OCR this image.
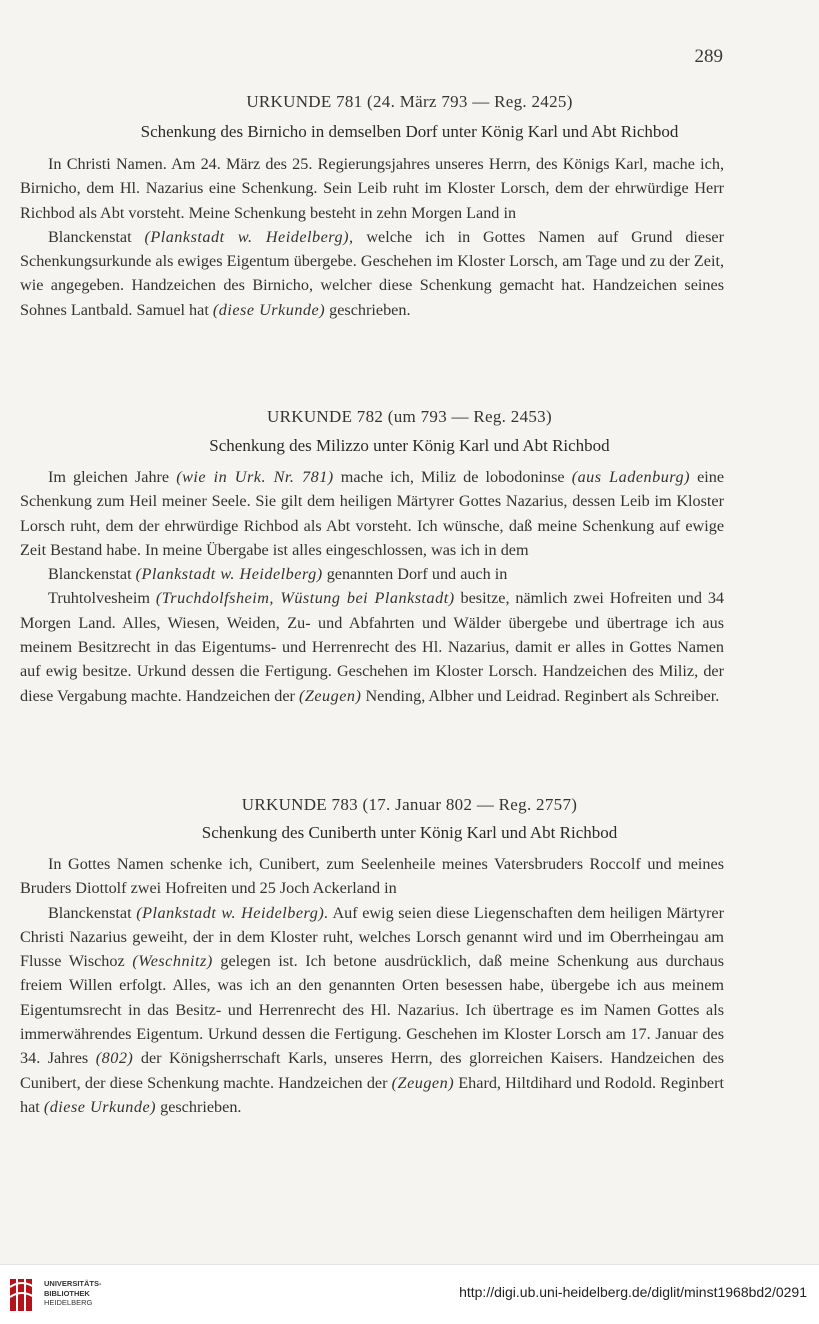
289
URKUNDE 781 (24. März 793 — Reg. 2425)
Schenkung des Birnicho in demselben Dorf unter König Karl und Abt Richbod

In Christi Namen. Am 24. März des 25. Regierungsjahres unseres Herrn, des Königs Karl, mache ich, Birnicho, dem Hl. Nazarius eine Schenkung. Sein Leib ruht im Kloster Lorsch, dem der ehrwürdige Herr Richbod als Abt vorsteht. Meine Schenkung besteht in zehn Morgen Land in

Blanckenstat (Plankstadt w. Heidelberg), welche ich in Gottes Namen auf Grund dieser Schenkungsurkunde als ewiges Eigentum übergebe. Geschehen im Kloster Lorsch, am Tage und zu der Zeit, wie angegeben. Handzeichen des Birnicho, welcher diese Schenkung gemacht hat. Handzeichen seines Sohnes Lantbald. Samuel hat (diese Urkunde) geschrieben.

URKUNDE 782 (um 793 — Reg. 2453)
Schenkung des Milizzo unter König Karl und Abt Richbod

Im gleichen Jahre (wie in Urk. Nr. 781) mache ich, Miliz de lobodoninse (aus Ladenburg) eine Schenkung zum Heil meiner Seele. Sie gilt dem heiligen Märtyrer Gottes Nazarius, dessen Leib im Kloster Lorsch ruht, dem der ehrwürdige Richbod als Abt vorsteht. Ich wünsche, daß meine Schenkung auf ewige Zeit Bestand habe. In meine Übergabe ist alles eingeschlossen, was ich in dem

Blanckenstat (Plankstadt w. Heidelberg) genannten Dorf und auch in

Truhtolvesheim (Truchdolfsheim, Wüstung bei Plankstadt) besitze, nämlich zwei Hofreiten und 34 Morgen Land. Alles, Wiesen, Weiden, Zu- und Abfahrten und Wälder übergebe und übertrage ich aus meinem Besitzrecht in das Eigentums- und Herrenrecht des Hl. Nazarius, damit er alles in Gottes Namen auf ewig besitze. Urkund dessen die Fertigung. Geschehen im Kloster Lorsch. Handzeichen des Miliz, der diese Vergabung machte. Handzeichen der (Zeugen) Nending, Albher und Leidrad. Reginbert als Schreiber.

URKUNDE 783 (17. Januar 802 — Reg. 2757)
Schenkung des Cuniberth unter König Karl und Abt Richbod

In Gottes Namen schenke ich, Cunibert, zum Seelenheile meines Vatersbruders Roccolf und meines Bruders Diottolf zwei Hofreiten und 25 Joch Ackerland in

Blanckenstat (Plankstadt w. Heidelberg). Auf ewig seien diese Liegenschaften dem heiligen Märtyrer Christi Nazarius geweiht, der in dem Kloster ruht, welches Lorsch genannt wird und im Oberrheingau am Flusse Wischoz (Weschnitz) gelegen ist. Ich betone ausdrücklich, daß meine Schenkung aus durchaus freiem Willen erfolgt. Alles, was ich an den genannten Orten besessen habe, übergebe ich aus meinem Eigentumsrecht in das Besitz- und Herrenrecht des Hl. Nazarius. Ich übertrage es im Namen Gottes als immerwährendes Eigentum. Urkund dessen die Fertigung. Geschehen im Kloster Lorsch am 17. Januar des 34. Jahres (802) der Königsherrschaft Karls, unseres Herrn, des glorreichen Kaisers. Handzeichen des Cunibert, der diese Schenkung machte. Handzeichen der (Zeugen) Ehard, Hiltdihard und Rodold. Reginbert hat (diese Urkunde) geschrieben.

UNIVERSITÄTS-
BIBLIOTHEK
HEIDELBERG
http://digi.ub.uni-heidelberg.de/diglit/minst1968bd2/0291
